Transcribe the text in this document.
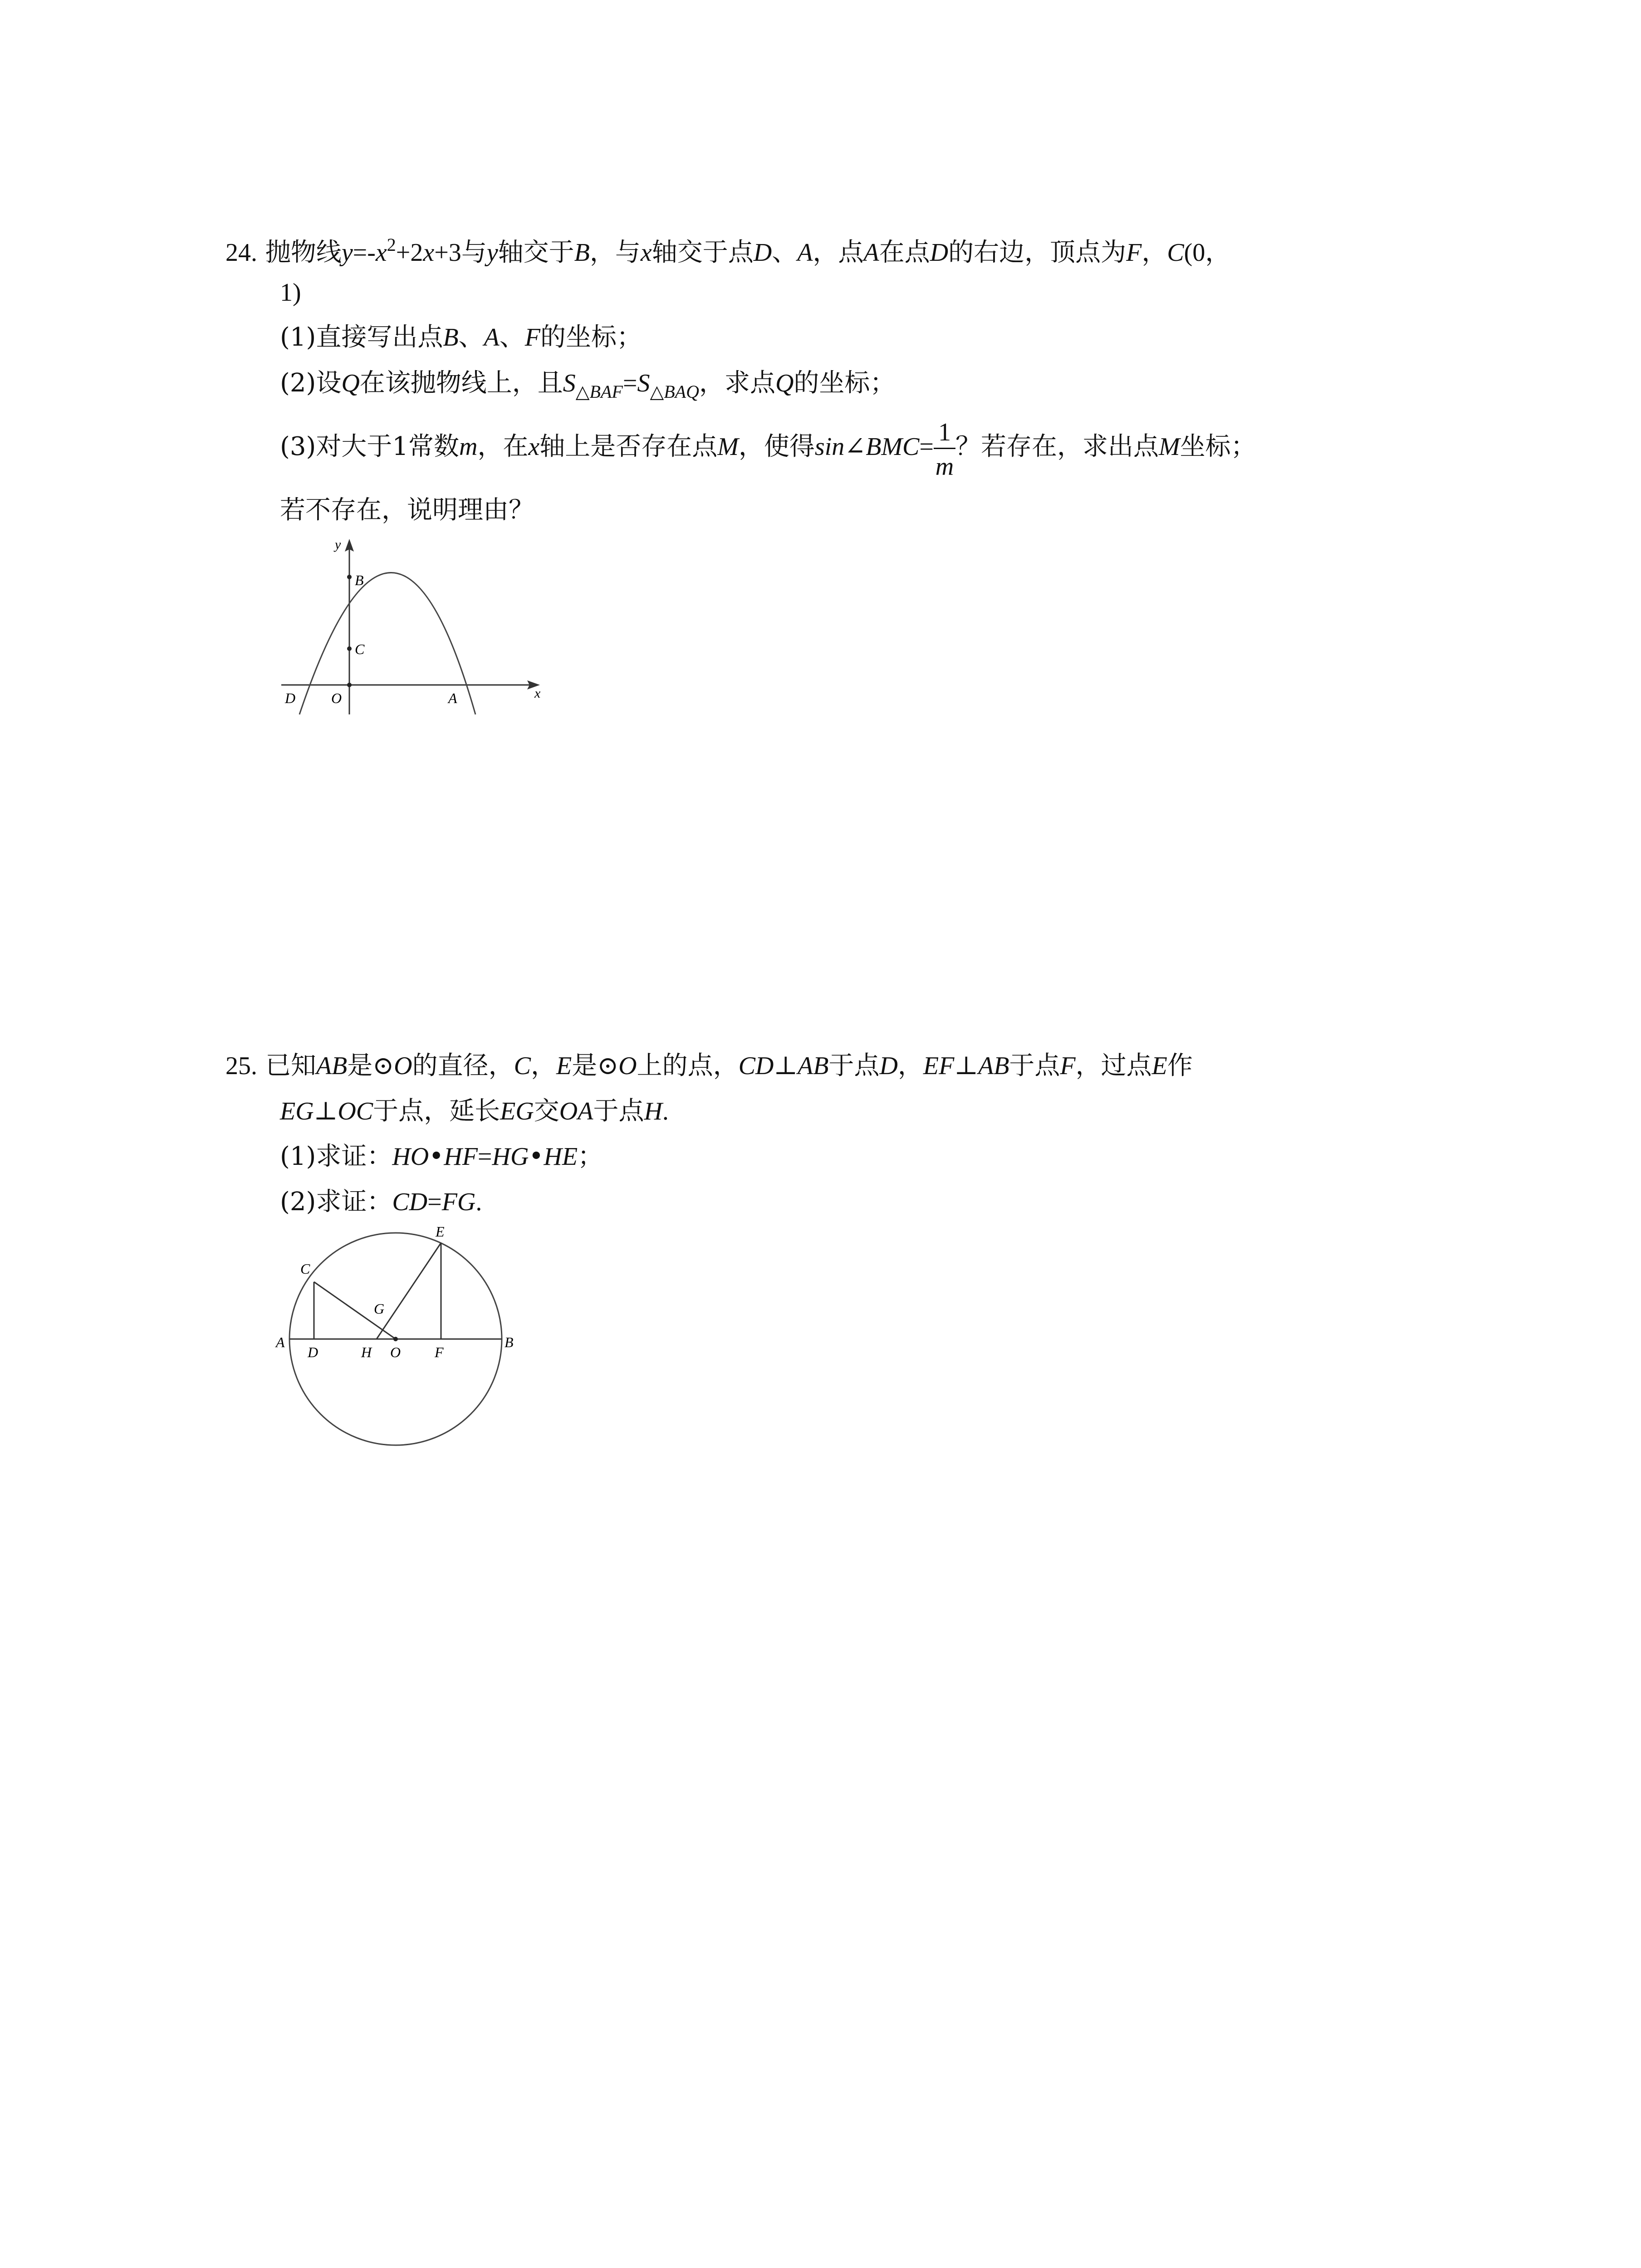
24. 抛物线$y=-x^2+2x+3$与y轴交于B，与x轴交于点D、A，点A在点D的右边，顶点为F，C(0，
1)
(1)直接写出点B、A、F的坐标；
(2)设Q在该抛物线上，且$S_{\triangle BAF}=S_{\triangle BAQ}$，求点Q的坐标；
(3)对大于1常数m，在x轴上是否存在点M，使得sin∠BMC= $\frac{1}{m}$ ？若存在，求出点M坐标；
若不存在，说明理由？
y
x
B
C
D O	A
25. 已知AB是⊙O的直径，C，E是⊙O上的点，CD⊥AB于点D，EF⊥AB于点F，过点E作
EG⊥OC于点，延长EG交OA于点H.
(1)求证：HO•HF=HG•HE；
(2)求证：CD=FG.
A	B
C
D
E
F
G
H O
